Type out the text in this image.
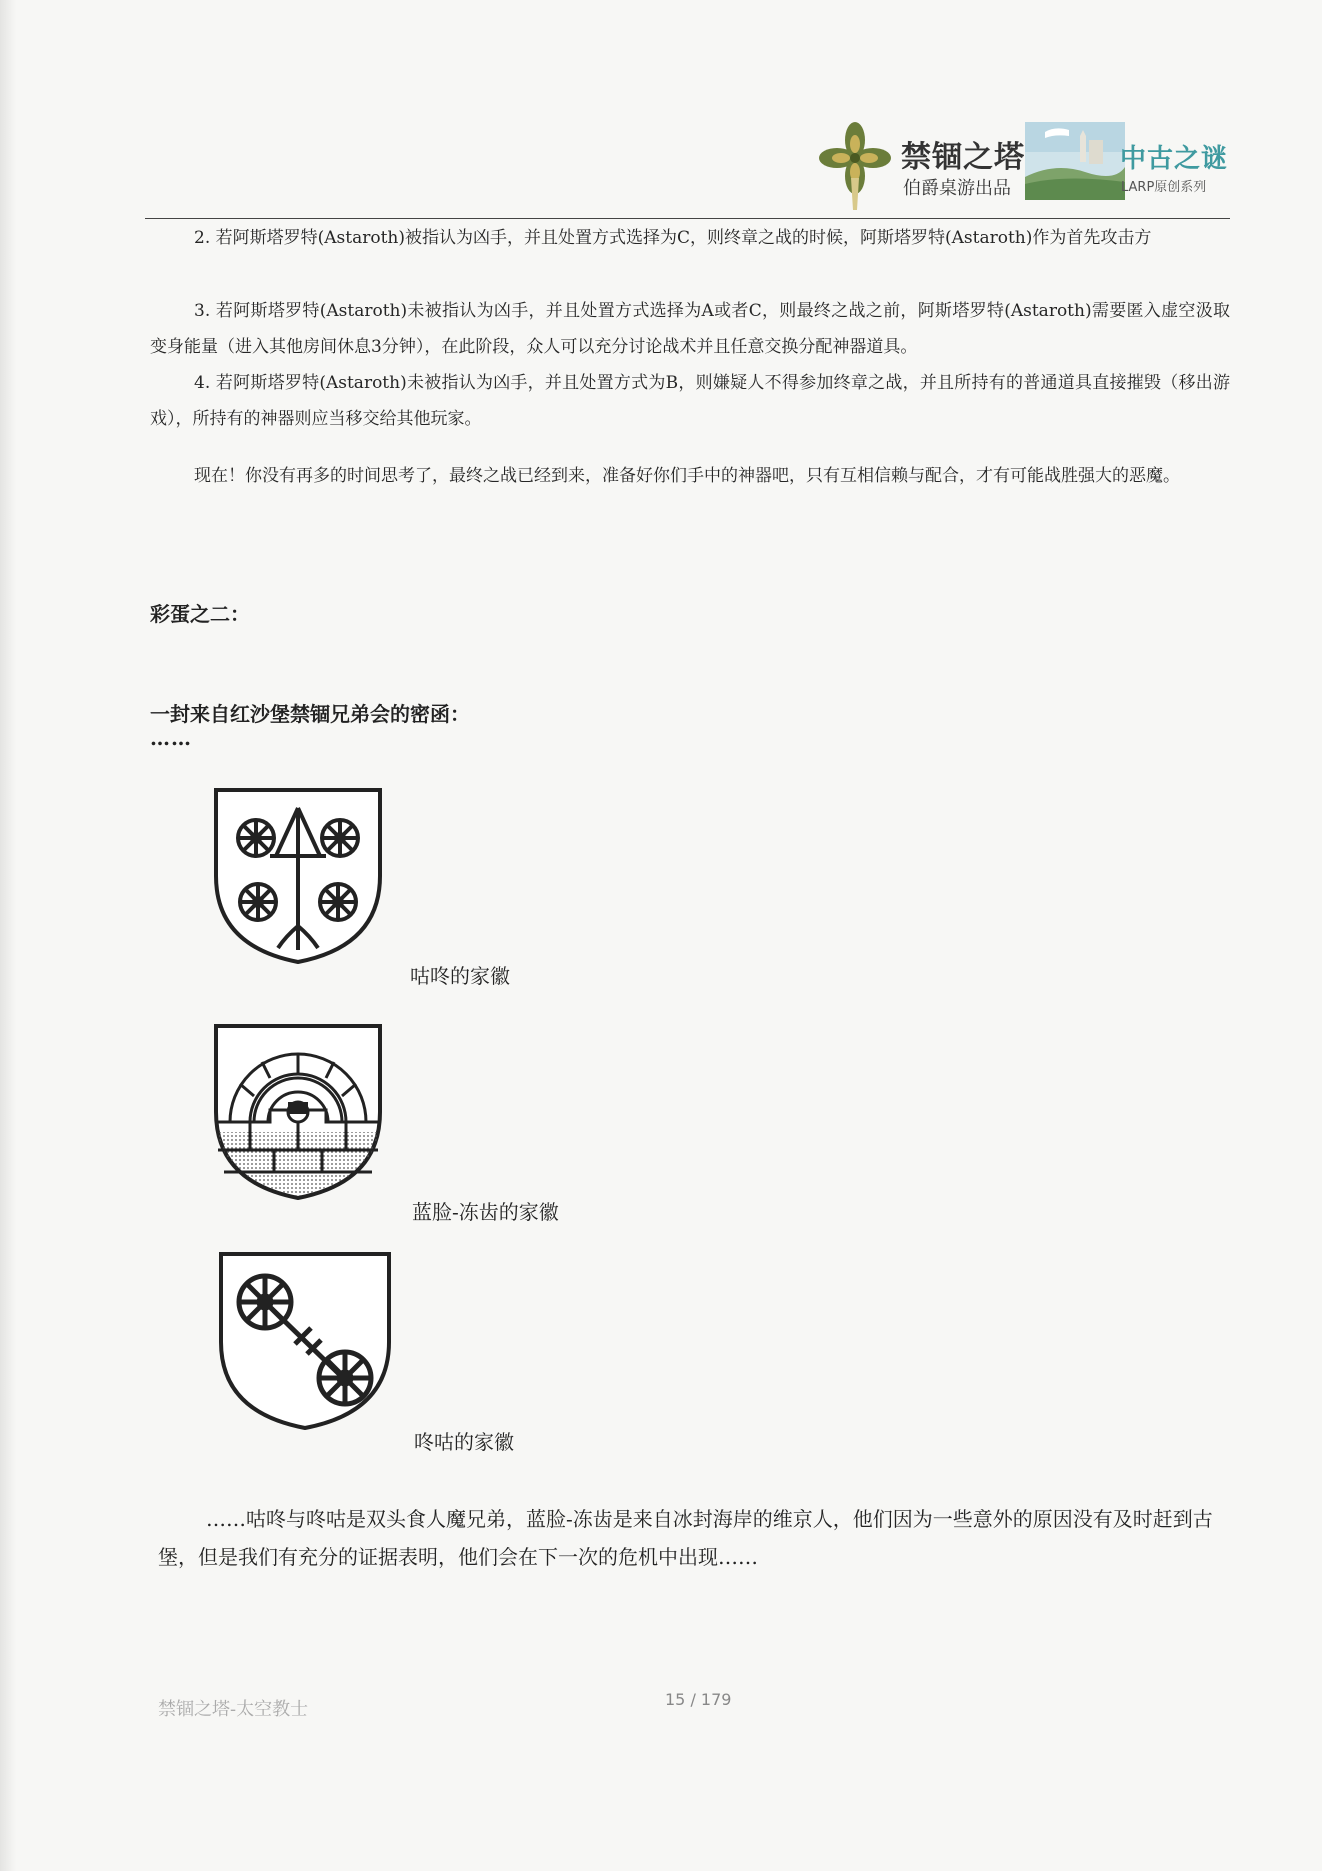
禁锢之塔
伯爵桌游出品
中古之谜
LARP原创系列

2. 若阿斯塔罗特(Astaroth)被指认为凶手，并且处置方式选择为C，则终章之战的时候，阿斯塔罗特(Astaroth)作为首先攻击方

3. 若阿斯塔罗特(Astaroth)未被指认为凶手，并且处置方式选择为A或者C，则最终之战之前，阿斯塔罗特(Astaroth)需要匿入虚空汲取变身能量（进入其他房间休息3分钟），在此阶段，众人可以充分讨论战术并且任意交换分配神器道具。

4. 若阿斯塔罗特(Astaroth)未被指认为凶手，并且处置方式为B，则嫌疑人不得参加终章之战，并且所持有的普通道具直接摧毁（移出游戏），所持有的神器则应当移交给其他玩家。

现在！你没有再多的时间思考了，最终之战已经到来，准备好你们手中的神器吧，只有互相信赖与配合，才有可能战胜强大的恶魔。

彩蛋之二：
一封来自红沙堡禁锢兄弟会的密函：
……
咕咚的家徽
蓝脸-冻齿的家徽
咚咕的家徽

……咕咚与咚咕是双头食人魔兄弟，蓝脸-冻齿是来自冰封海岸的维京人，他们因为一些意外的原因没有及时赶到古堡，但是我们有充分的证据表明，他们会在下一次的危机中出现……

禁锢之塔-太空教士	15 / 179
